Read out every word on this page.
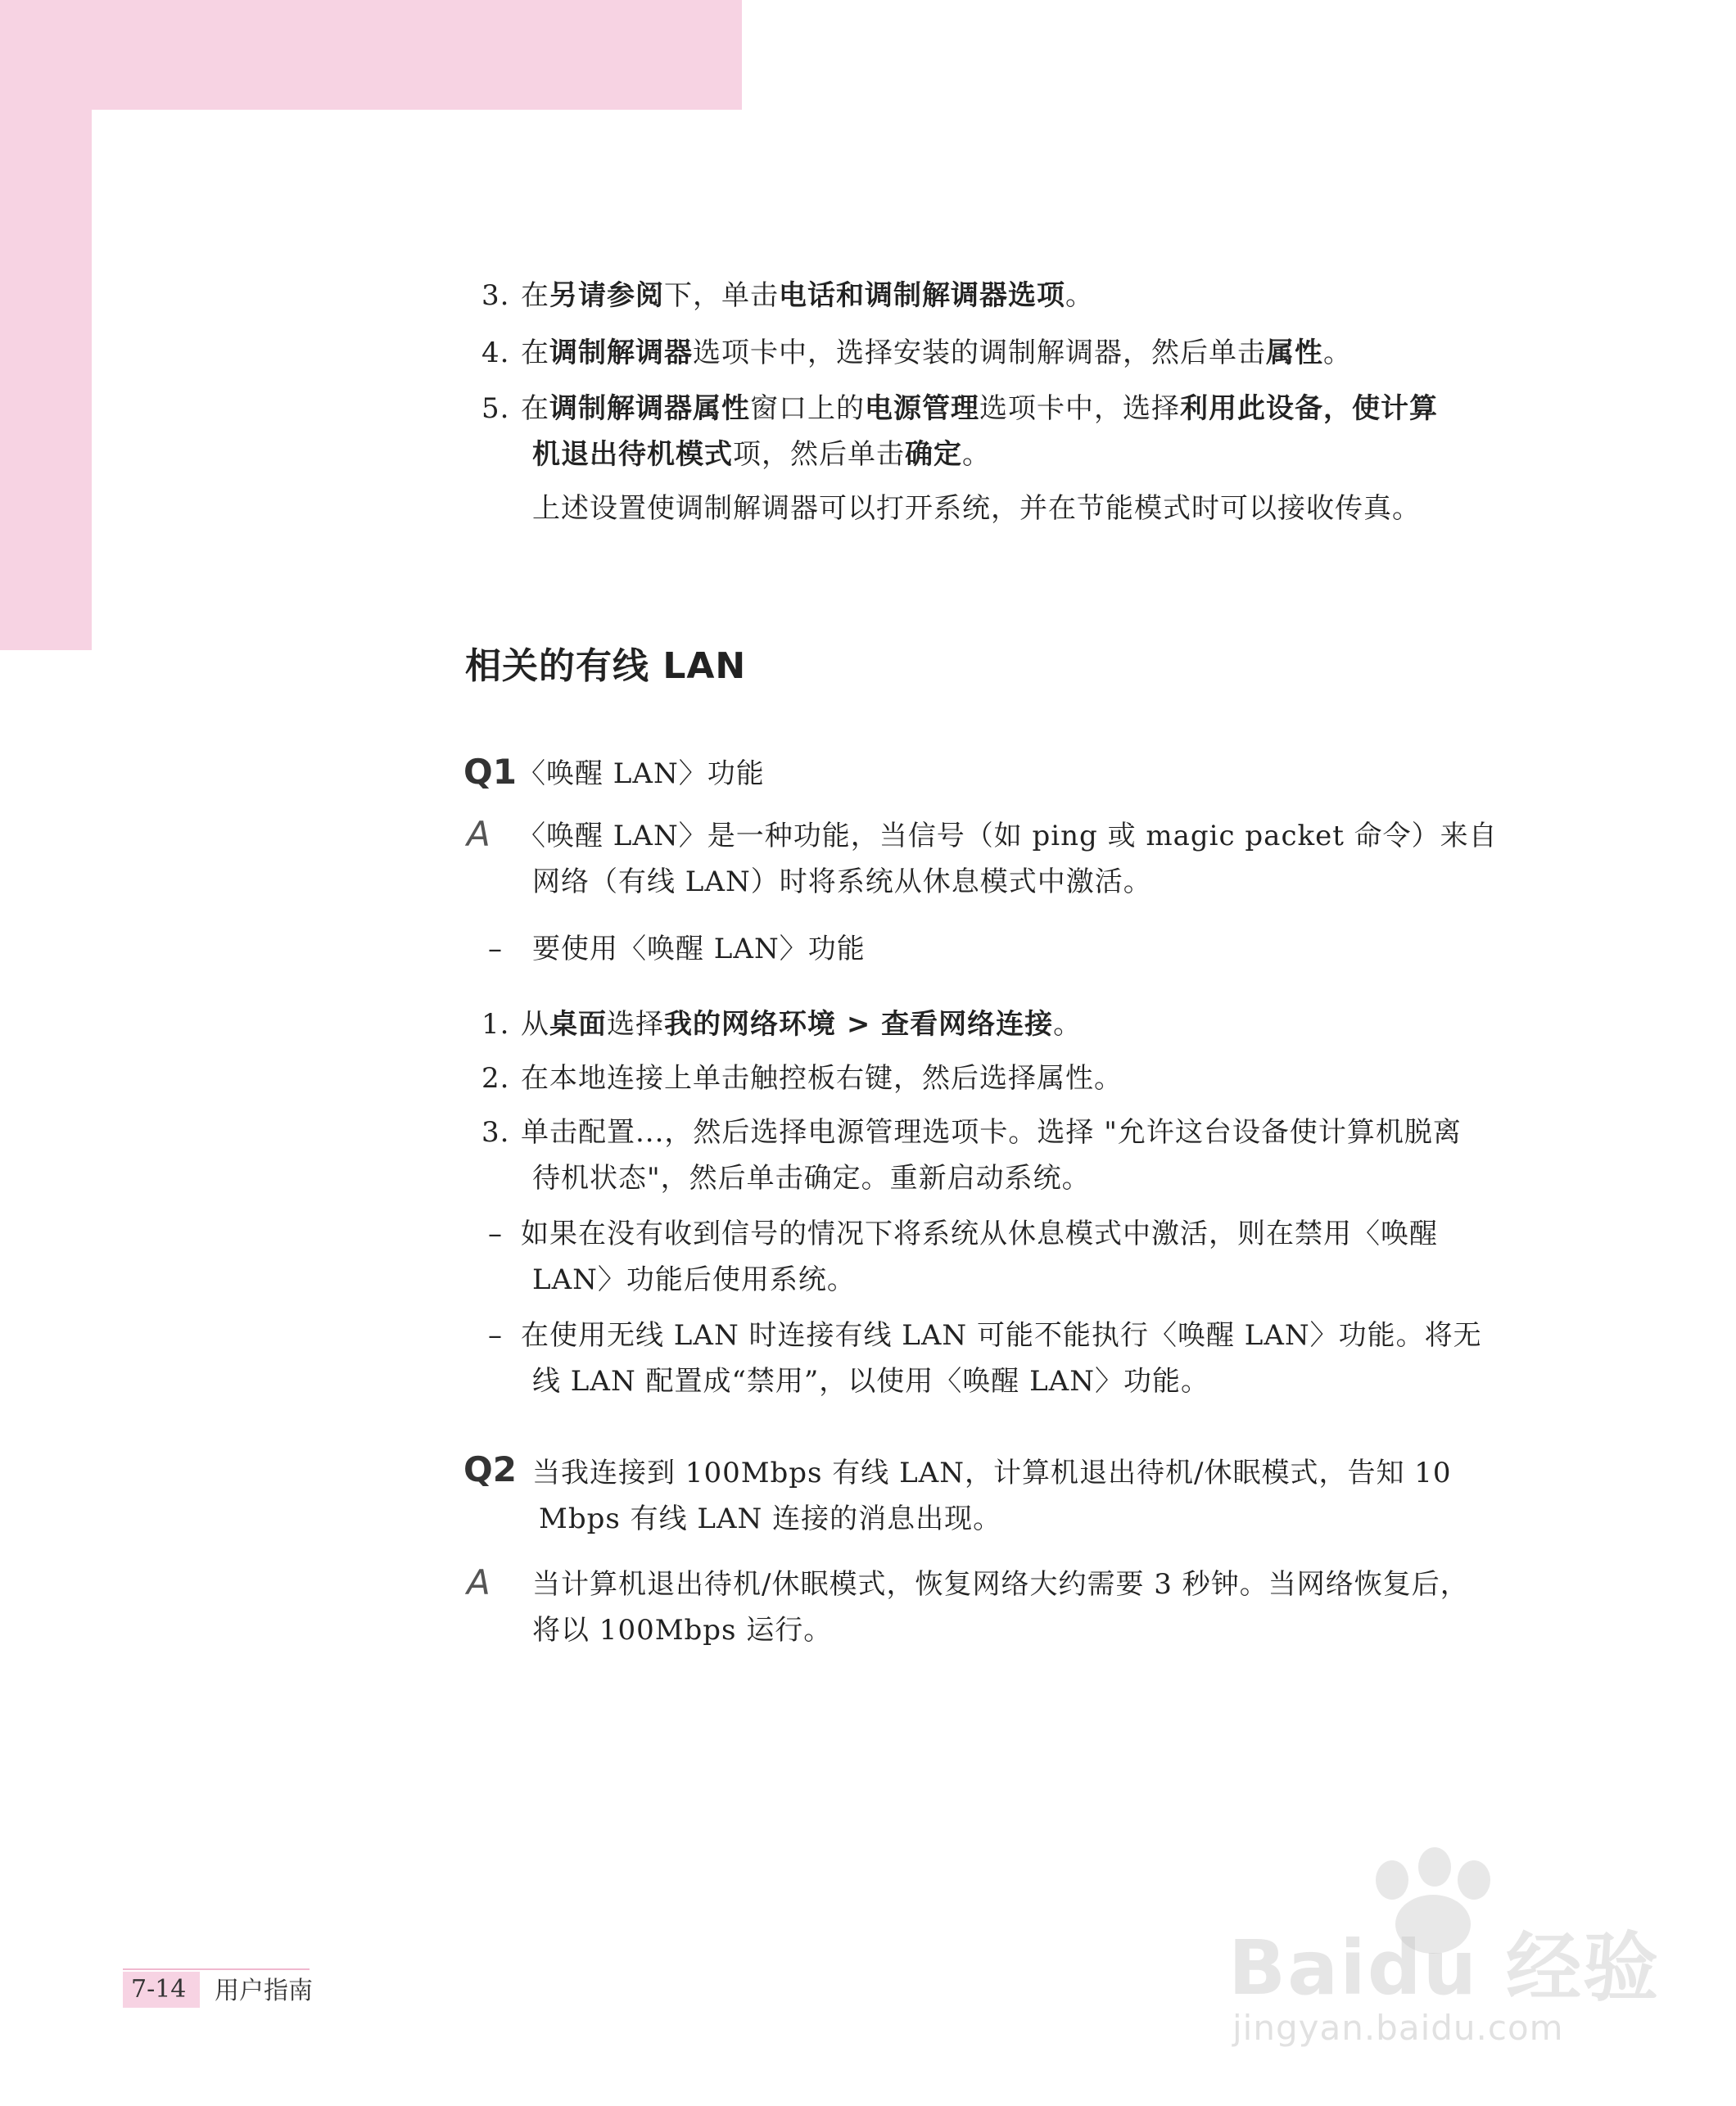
3. 在另请参阅下，单击电话和调制解调器选项。
4. 在调制解调器选项卡中，选择安装的调制解调器，然后单击属性。
5. 在调制解调器属性窗口上的电源管理选项卡中，选择利用此设备，使计算
机退出待机模式项，然后单击确定。
上述设置使调制解调器可以打开系统，并在节能模式时可以接收传真。
相关的有线 LAN
Q1 〈唤醒 LAN〉功能
A 〈唤醒 LAN〉是一种功能，当信号（如 ping 或 magic packet 命令）来自
网络（有线 LAN）时将系统从休息模式中激活。
– 要使用〈唤醒 LAN〉功能
1. 从桌面选择我的网络环境 > 查看网络连接。
2. 在本地连接上单击触控板右键，然后选择属性。
3. 单击配置...，然后选择电源管理选项卡。选择 "允许这台设备使计算机脱离
待机状态"，然后单击确定。重新启动系统。
– 如果在没有收到信号的情况下将系统从休息模式中激活，则在禁用〈唤醒
LAN〉功能后使用系统。
– 在使用无线 LAN 时连接有线 LAN 可能不能执行〈唤醒 LAN〉功能。将无
线 LAN 配置成“禁用”，以使用〈唤醒 LAN〉功能。
Q2 当我连接到 100Mbps 有线 LAN，计算机退出待机/休眠模式，告知 10
Mbps 有线 LAN 连接的消息出现。
A 当计算机退出待机/休眠模式，恢复网络大约需要 3 秒钟。当网络恢复后，
将以 100Mbps 运行。
7-14 用户指南	Baidu 经验
jingyan.baidu.com
